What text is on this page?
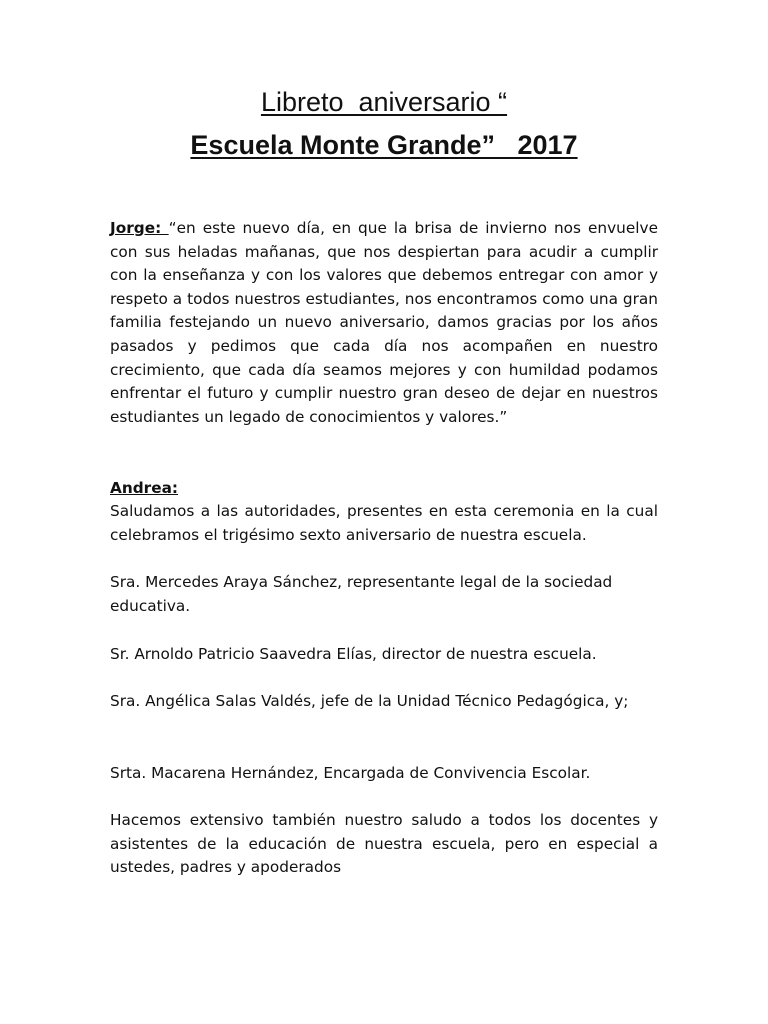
Libreto  aniversario “
Escuela Monte Grande”   2017

Jorge: “en este nuevo día, en que la brisa de invierno nos envuelve con sus heladas mañanas, que nos despiertan para acudir a cumplir con la enseñanza y con los valores que debemos entregar con amor y respeto a todos nuestros estudiantes, nos encontramos como una gran familia festejando un nuevo aniversario, damos gracias por los años pasados y pedimos que cada día nos acompañen en nuestro crecimiento, que cada día seamos mejores y con humildad podamos enfrentar el futuro y cumplir nuestro gran deseo de dejar en nuestros estudiantes un legado de conocimientos y valores.”

Andrea:

Saludamos a las autoridades, presentes en esta ceremonia en la cual celebramos el trigésimo sexto aniversario de nuestra escuela.

Sra. Mercedes Araya Sánchez, representante legal de la sociedad educativa.

Sr. Arnoldo Patricio Saavedra Elías, director de nuestra escuela.

Sra. Angélica Salas Valdés, jefe de la Unidad Técnico Pedagógica, y;

Srta. Macarena Hernández, Encargada de Convivencia Escolar.

Hacemos extensivo también nuestro saludo a todos los docentes y asistentes de la educación de nuestra escuela, pero en especial a ustedes, padres y apoderados
